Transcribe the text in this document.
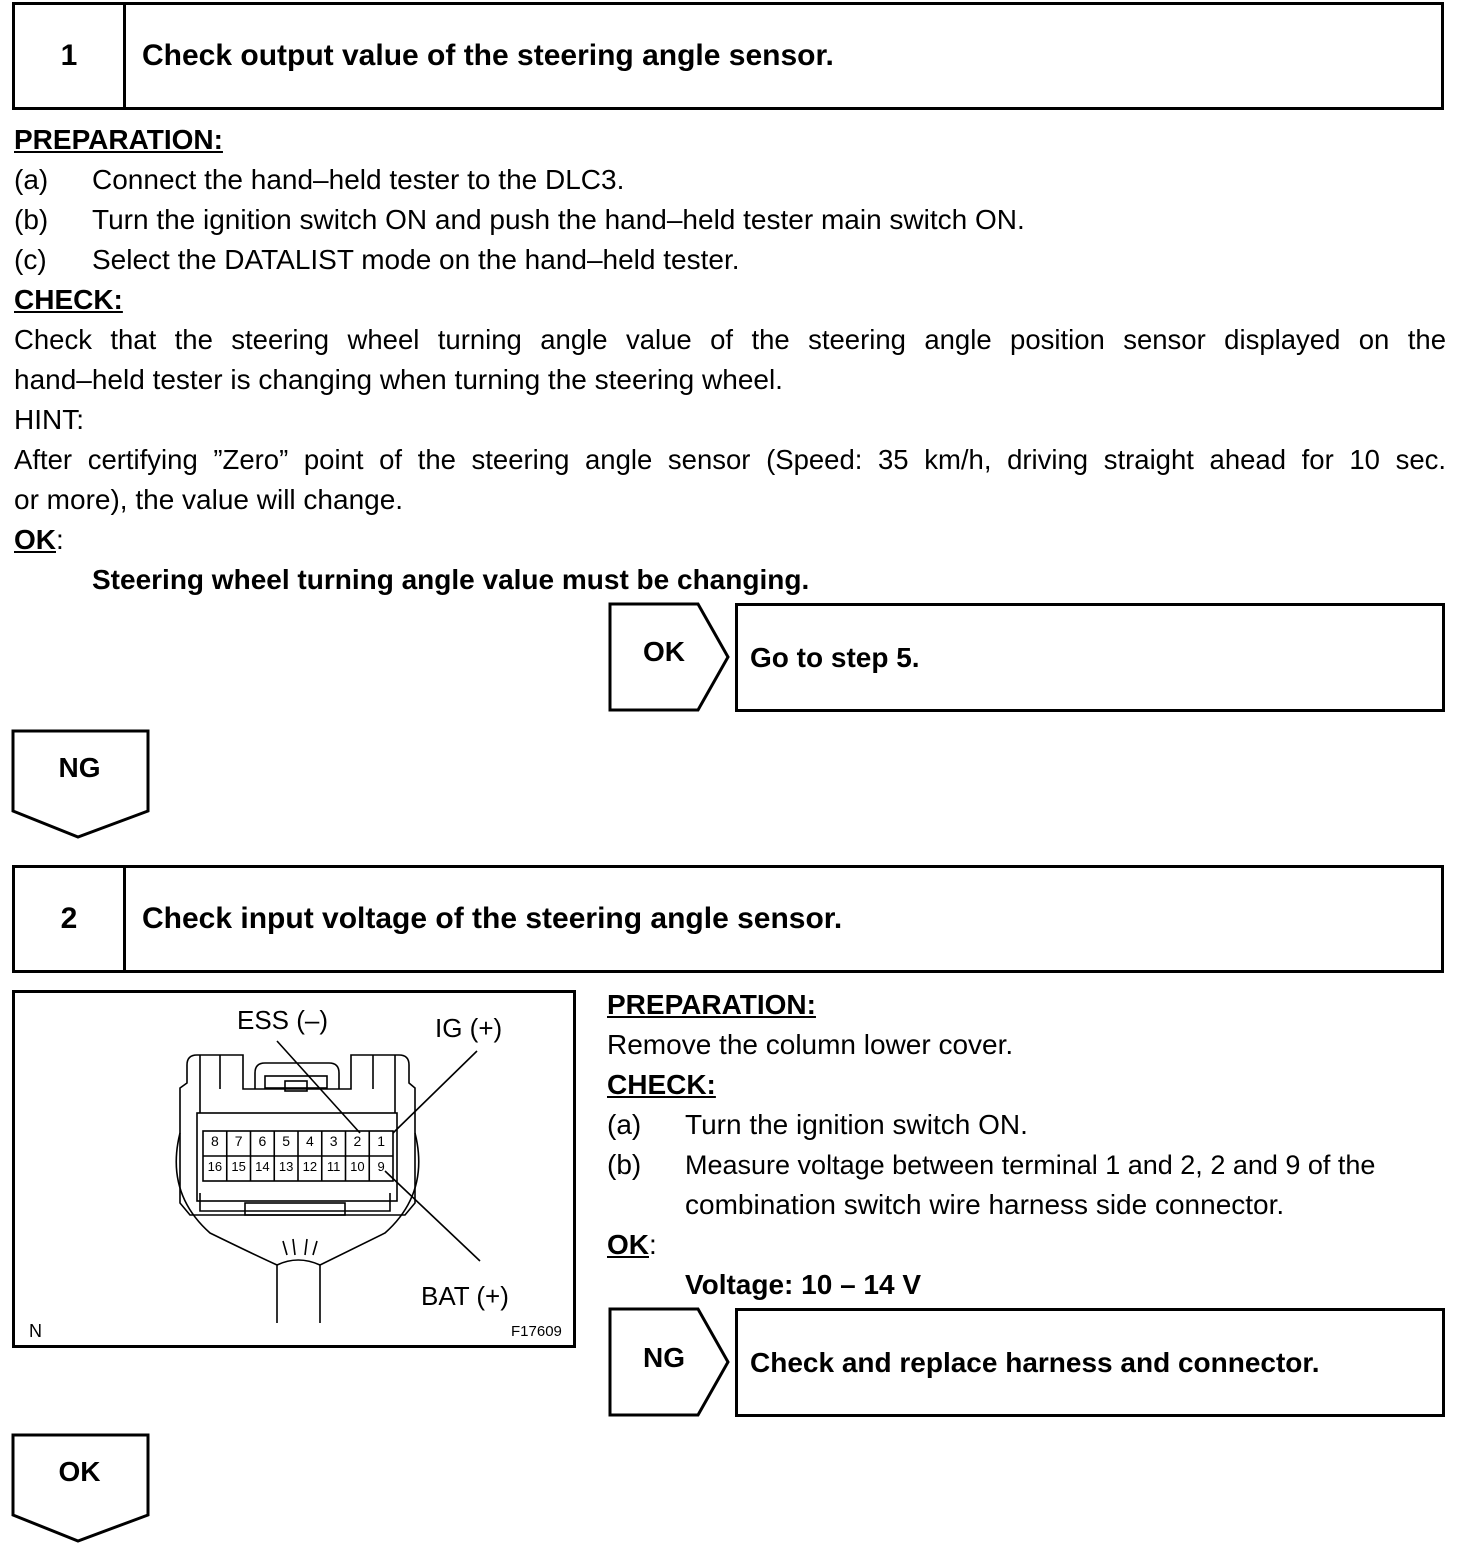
1	Check output value of the steering angle sensor.
PREPARATION:
(a) Connect the hand–held tester to the DLC3.
(b) Turn the ignition switch ON and push the hand–held tester main switch ON.
(c) Select the DATALIST mode on the hand–held tester.
CHECK:
Check that the steering wheel turning angle value of the steering angle position sensor displayed on the
hand–held tester is changing when turning the steering wheel.
HINT:
After certifying ”Zero” point of the steering angle sensor (Speed: 35 km/h, driving straight ahead for 10 sec.
or more), the value will change.
OK:
Steering wheel turning angle value must be changing.
OK	Go to step 5.
NG
2	Check input voltage of the steering angle sensor.
ESS (–)	IG (+)
BAT (+)
N	F17609
8	7	6	5	4	3	2	1
16 15 14 13 12 11 10 9
PREPARATION:
Remove the column lower cover.
CHECK:
(a) Turn the ignition switch ON.
(b) Measure voltage between terminal 1 and 2, 2 and 9 of the
combination switch wire harness side connector.
OK:
Voltage: 10 – 14 V
NG	Check and replace harness and connector.
OK
